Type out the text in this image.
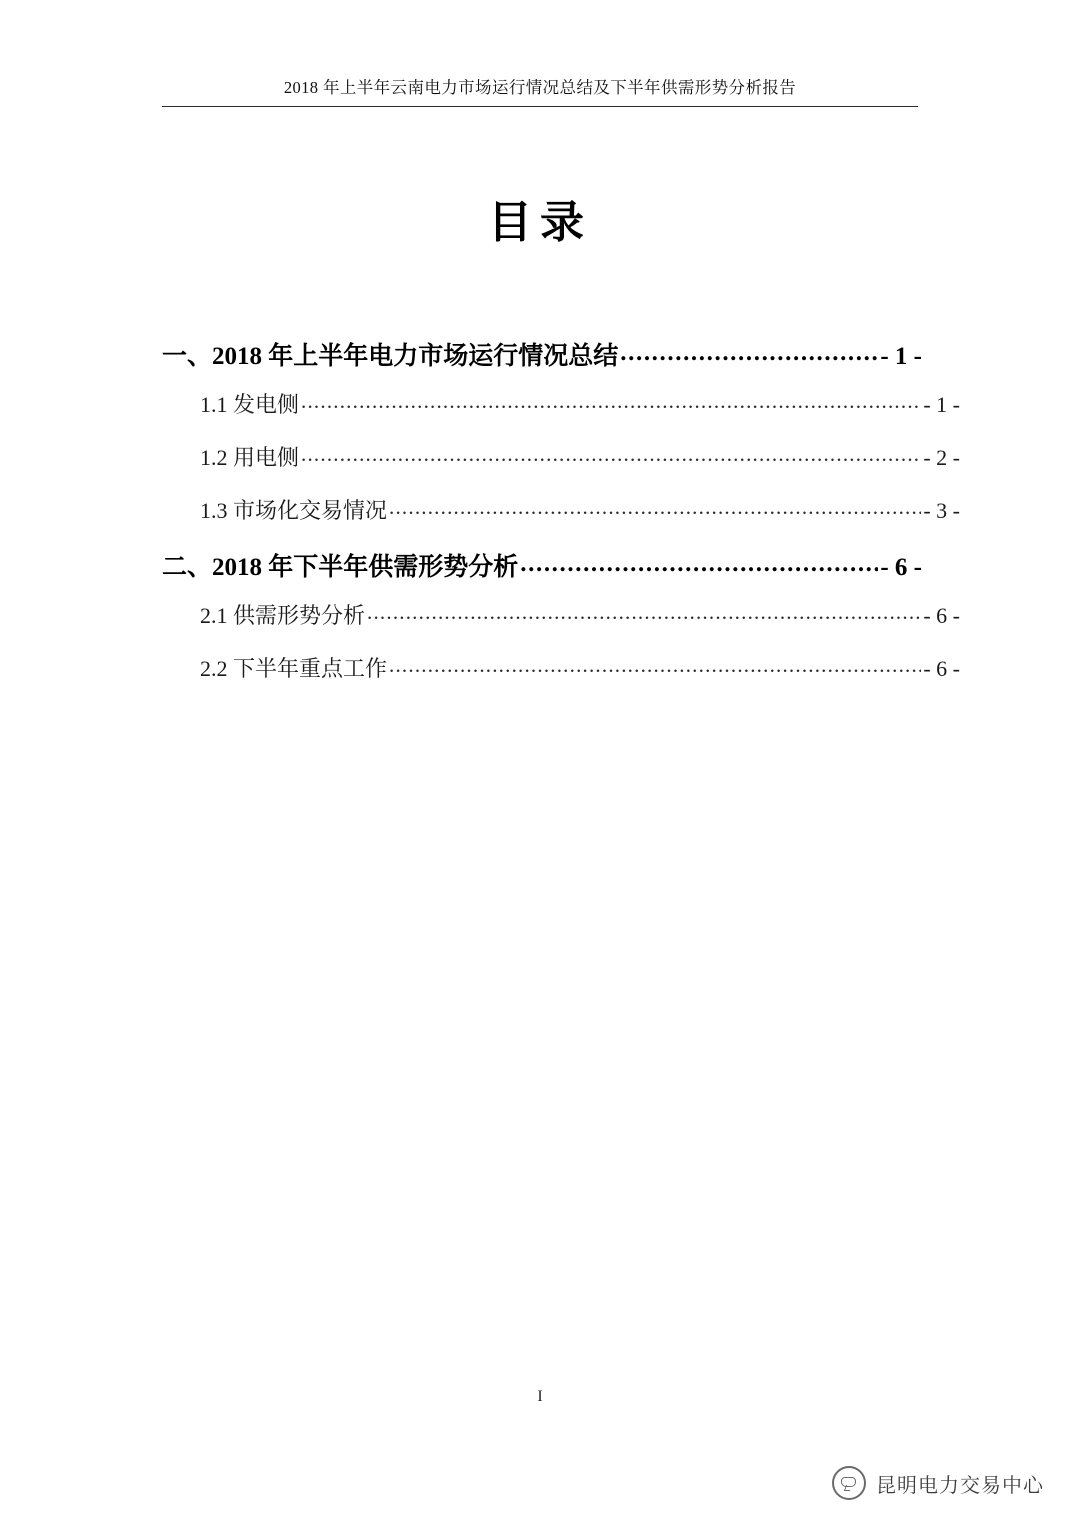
2018 年上半年云南电力市场运行情况总结及下半年供需形势分析报告
目录
一、2018 年上半年电力市场运行情况总结 .....	- 1 -
1.1 发电侧 .....	- 1 -
1.2 用电侧 .....	- 2 -
1.3 市场化交易情况 .....	- 3 -
二、2018 年下半年供需形势分析 .....	- 6 -
2.1 供需形势分析 .....	- 6 -
2.2 下半年重点工作 .....	- 6 -
I
昆明电力交易中心
